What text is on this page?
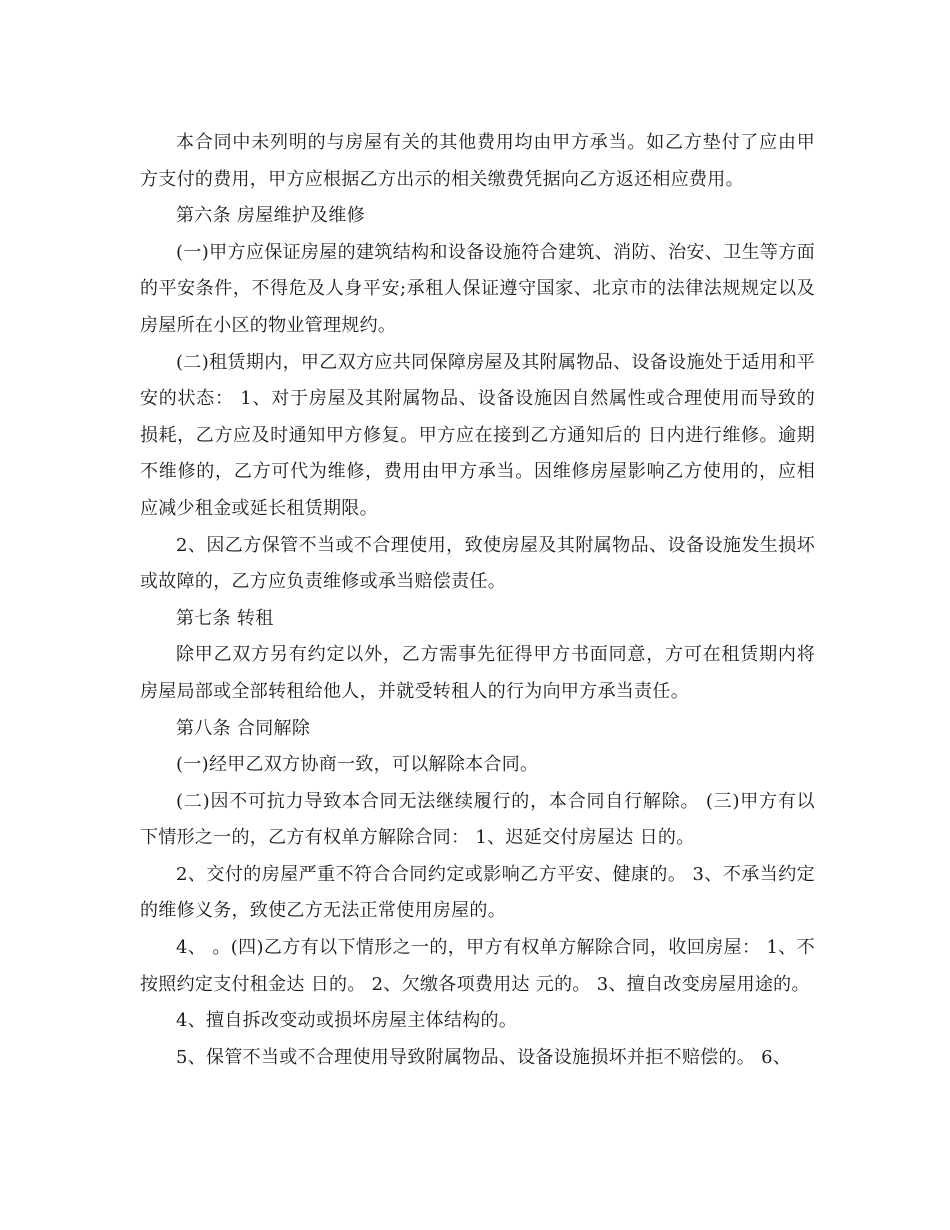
本合同中未列明的与房屋有关的其他费用均由甲方承当。如乙方垫付了应由甲方支付的费用，甲方应根据乙方出示的相关缴费凭据向乙方返还相应费用。

第六条 房屋维护及维修

(一)甲方应保证房屋的建筑结构和设备设施符合建筑、消防、治安、卫生等方面的平安条件，不得危及人身平安;承租人保证遵守国家、北京市的法律法规规定以及房屋所在小区的物业管理规约。

(二)租赁期内，甲乙双方应共同保障房屋及其附属物品、设备设施处于适用和平安的状态： 1、对于房屋及其附属物品、设备设施因自然属性或合理使用而导致的损耗，乙方应及时通知甲方修复。甲方应在接到乙方通知后的 日内进行维修。逾期不维修的，乙方可代为维修，费用由甲方承当。因维修房屋影响乙方使用的，应相应减少租金或延长租赁期限。

2、因乙方保管不当或不合理使用，致使房屋及其附属物品、设备设施发生损坏或故障的，乙方应负责维修或承当赔偿责任。

第七条 转租

除甲乙双方另有约定以外，乙方需事先征得甲方书面同意，方可在租赁期内将房屋局部或全部转租给他人，并就受转租人的行为向甲方承当责任。

第八条 合同解除

(一)经甲乙双方协商一致，可以解除本合同。

(二)因不可抗力导致本合同无法继续履行的，本合同自行解除。 (三)甲方有以下情形之一的，乙方有权单方解除合同： 1、迟延交付房屋达 日的。

2、交付的房屋严重不符合合同约定或影响乙方平安、健康的。 3、不承当约定的维修义务，致使乙方无法正常使用房屋的。

4、 。(四)乙方有以下情形之一的，甲方有权单方解除合同，收回房屋： 1、不按照约定支付租金达 日的。 2、欠缴各项费用达 元的。 3、擅自改变房屋用途的。

4、擅自拆改变动或损坏房屋主体结构的。

5、保管不当或不合理使用导致附属物品、设备设施损坏并拒不赔偿的。 6、
